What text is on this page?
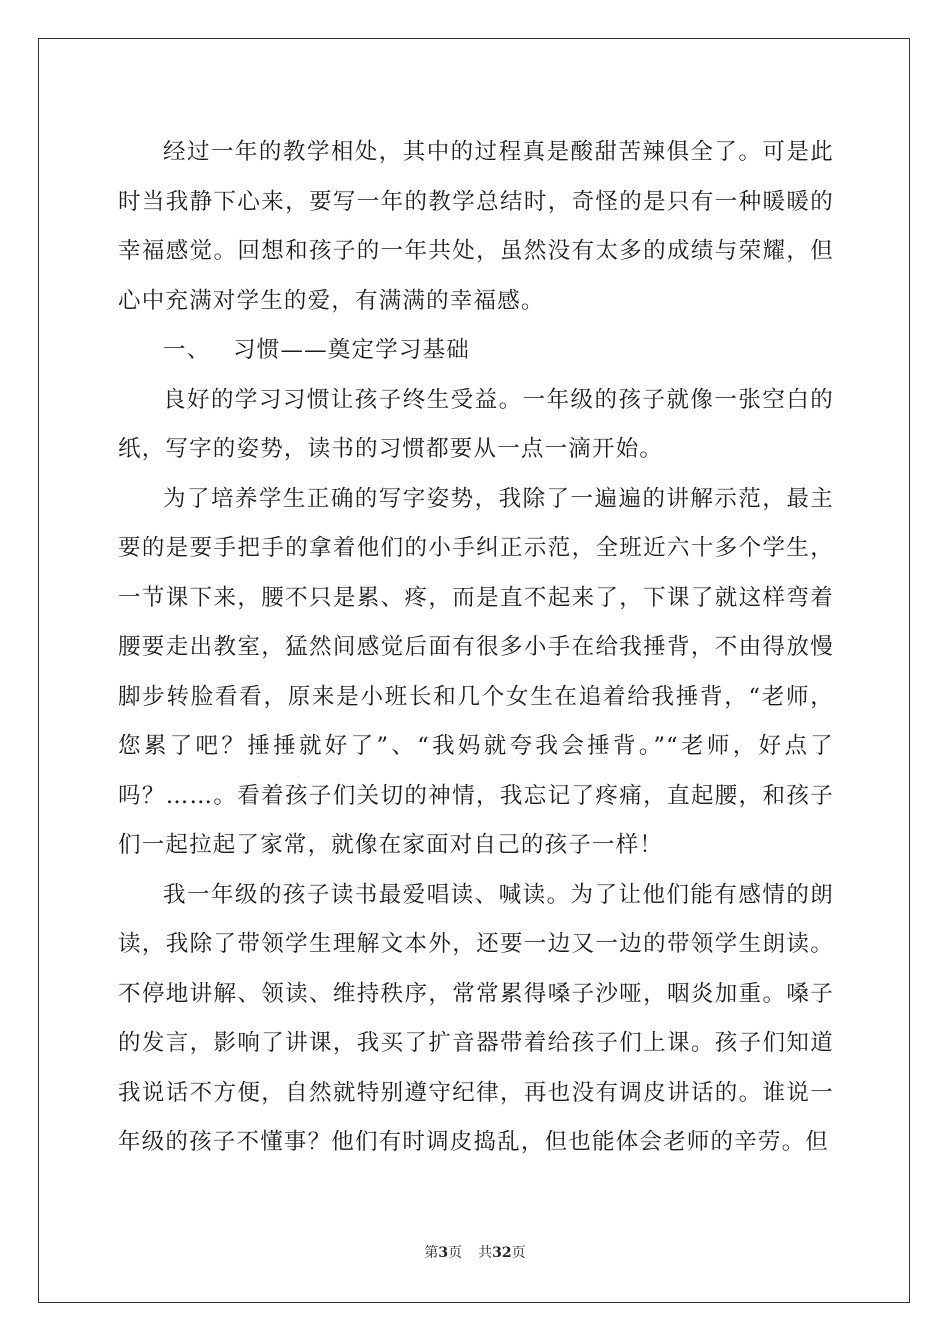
经过一年的教学相处，其中的过程真是酸甜苦辣俱全了。可是此时当我静下心来，要写一年的教学总结时，奇怪的是只有一种暖暖的幸福感觉。回想和孩子的一年共处，虽然没有太多的成绩与荣耀，但心中充满对学生的爱，有满满的幸福感。

一、 习惯——奠定学习基础

良好的学习习惯让孩子终生受益。一年级的孩子就像一张空白的纸，写字的姿势，读书的习惯都要从一点一滴开始。

为了培养学生正确的写字姿势，我除了一遍遍的讲解示范，最主要的是要手把手的拿着他们的小手纠正示范，全班近六十多个学生，一节课下来，腰不只是累、疼，而是直不起来了，下课了就这样弯着腰要走出教室，猛然间感觉后面有很多小手在给我捶背，不由得放慢脚步转脸看看，原来是小班长和几个女生在追着给我捶背，“老师，您累了吧？捶捶就好了”、“我妈就夸我会捶背。”“老师，好点了吗？……。看着孩子们关切的神情，我忘记了疼痛，直起腰，和孩子们一起拉起了家常，就像在家面对自己的孩子一样！

我一年级的孩子读书最爱唱读、喊读。为了让他们能有感情的朗读，我除了带领学生理解文本外，还要一边又一边的带领学生朗读。不停地讲解、领读、维持秩序，常常累得嗓子沙哑，咽炎加重。嗓子的发言，影响了讲课，我买了扩音器带着给孩子们上课。孩子们知道我说话不方便，自然就特别遵守纪律，再也没有调皮讲话的。谁说一年级的孩子不懂事？他们有时调皮捣乱，但也能体会老师的辛劳。但

第3页 共32页
